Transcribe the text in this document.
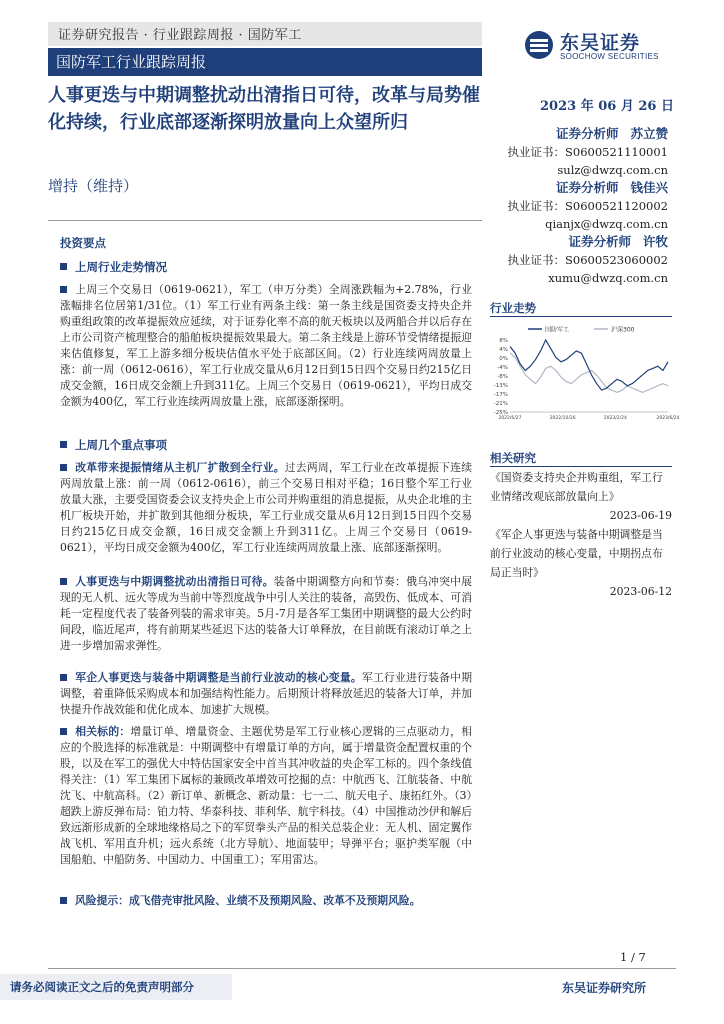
证券研究报告 · 行业跟踪周报 · 国防军工
国防军工行业跟踪周报
东吴证券
SOOCHOW SECURITIES
人事更迭与中期调整扰动出清指日可待，改革与局势催化持续，行业底部逐渐探明放量向上众望所归
增持（维持）
2023 年 06 月 26 日
证券分析师 苏立赞
执业证书：S0600521110001
sulz@dwzq.com.cn
证券分析师 钱佳兴
执业证书：S0600521120002
qianjx@dwzq.com.cn
证券分析师 许牧
执业证书：S0600523060002
xumu@dwzq.com.cn
投资要点
上周行业走势情况
上周三个交易日（0619-0621），军工（申万分类）全周涨跌幅为+2.78%，行业涨幅排名位居第1/31位。（1）军工行业有两条主线：第一条主线是国资委支持央企并购重组政策的改革提振效应延续，对于证券化率不高的航天板块以及两船合并以后存在上市公司资产梳理整合的船舶板块提振效果最大。第二条主线是上游环节受情绪提振迎来估值修复，军工上游多细分板块估值水平处于底部区间。（2）行业连续两周放量上涨：前一周（0612-0616），军工行业成交量从6月12日到15日四个交易日约215亿日成交金额，16日成交金额上升到311亿。上周三个交易日（0619-0621），平均日成交金额为400亿，军工行业连续两周放量上涨，底部逐渐探明。
上周几个重点事项
改革带来提振情绪从主机厂扩散到全行业。过去两周，军工行业在改革提振下连续两周放量上涨：前一周（0612-0616），前三个交易日相对平稳；16日整个军工行业放量大涨，主要受国资委会议支持央企上市公司并购重组的消息提振，从央企北堆的主机厂板块开始，并扩散到其他细分板块，军工行业成交量从6月12日到15日四个交易日约215亿日成交金额，16日成交金额上升到311亿。上周三个交易日（0619-0621），平均日成交金额为400亿，军工行业连续两周放量上涨、底部逐渐探明。
人事更迭与中期调整扰动出清指日可待。装备中期调整方向和节奏：俄乌冲突中展现的无人机、远火等成为当前中等烈度战争中引人关注的装备，高毁伤、低成本、可消耗一定程度代表了装备列装的需求审美。5月-7月是各军工集团中期调整的最大公约时间段，临近尾声，将有前期某些延迟下达的装备大订单释放，在目前既有滚动订单之上进一步增加需求弹性。
军企人事更迭与装备中期调整是当前行业波动的核心变量。军工行业进行装备中期调整，着重降低采购成本和加强结构性能力。后期预计将释放延迟的装备大订单，并加快提升作战效能和优化成本、加速扩大规模。
相关标的：增量订单、增量资金、主题优势是军工行业核心逻辑的三点驱动力，相应的个股选择的标准就是：中期调整中有增量订单的方向，属于增量资金配置权重的个股，以及在军工的强优大中特估国家安全中首当其冲收益的央企军工标的。四个条线值得关注：（1）军工集团下属标的兼顾改革增效可挖掘的点：中航西飞、江航装备、中航沈飞、中航高科。（2）新订单、新概念、新动量：七一二、航天电子、康拓红外。（3）超跌上游反弹布局：铂力特、华泰科技、菲利华、航宇科技。（4）中国推动沙伊和解后致远渐形成新的全球地缘格局之下的军贸拳头产品的相关总装企业：无人机、固定翼作战飞机、军用直升机；远火系统（北方导航）、地面装甲；导弹平台；驱护类军舰（中国船舶、中船防务、中国动力、中国重工）；军用雷达。
风险提示：成飞借壳审批风险、业绩不及预期风险、改革不及预期风险。
行业走势
国防军工	沪深300
8%
4%
0%
-4%
-8%
-13%
-17%
-21%
-25%
2022/6/27	2022/10/26	2023/2/24	2023/6/24
相关研究
《国资委支持央企并购重组，军工行业情绪改观底部放量向上》
2023-06-19
《军企人事更迭与装备中期调整是当前行业波动的核心变量，中期拐点布局正当时》
2023-06-12
1 / 7
请务必阅读正文之后的免责声明部分	东吴证券研究所
